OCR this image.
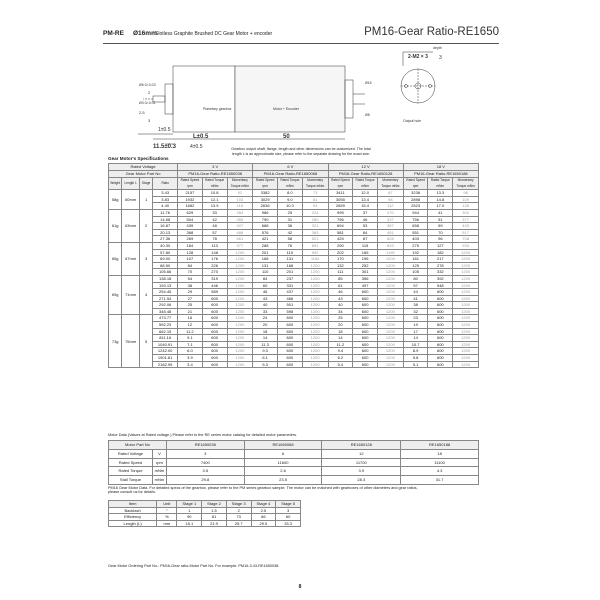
PM-RE Ø16mm
Slotless Graphite Brushed DC Gear Motor + encoder	PM16-Gear Ratio-RE1650
depth
2-M2 × 3 3
Planetary gearbox	Motor + Encoder
Output hole
11.5±0.3
L±0.5
4±0.5
50
1±0.5
Ø6 0/-0.03
Ø3 0/-0.01
2.5
3
2
Ø16
Ø8
Gearbox output shaft, flange, length and other dimensions can be customized. The total
length L is an approximate size, please refer to the separate drawing for the exact size.
Gear Motor's Specifications
Rated Voltage				3 V			6 V			12 V			18 V		
Gear Motor Part No				PM16-Gear Ratio-RE1650038			PM16-Gear Ratio-RE1650068			PM16-Gear Ratio-RE1650128			PM16-Gear Ratio-RE1650188		
Weight	Length L	Stage	Ratio	Rated Speed rpm	Rated Torque mNm	Momentary Torque mNm	Rated Speed rpm	Rated Torque mNm	Momentary Torque mNm	Rated Speed rpm	Rated Torque mNm	Momentary Torque mNm	Rated Speed rpm	Rated Torque mNm	Momentary Torque mNm
58g	60mm	1	3.43	2157	10.8	92	3382	8.0	73	3411	12.0	87	3236	13.3	98
			3.83	1932	12.1	103	3029	9.0	81	3055	13.4	98	2898	14.8	109
			4.40	1682	13.9	118	2636	10.3	93	2659	15.4	112	2523	17.0	126
61g	63mm	2	11.76	629	33	284	986	25	224	995	37	270	944	41	302
			14.68	504	42	355	790	31	280	796	46	337	756	51	377
			16.87	439	48	407	688	36	321	694	53	387	658	59	433
			20.13	368	57	486	576	42	383	581	64	461	551	70	517
			27.36	269	78	661	421	58	521	425	87	628	403	96	708
65g	67mm	3	40.30	184	113	977	288	76	691	290	115	833	275	127	933
			57.80	128	148	1200	201	110	992	202	165	1195	192	182	1200
			69.00	107	176	1200	168	131	1184	170	196	1200	161	217	1200
			88.50	84	226	1200	131	168	1200	132	252	1200	125	278	1200
			105.66	70	270	1200	110	201	1200	111	301	1200	105	332	1200
69g	71mm	4	138.18	54	319	1200	84	237	1200	85	356	1200	80	392	1200
			193.13	38	446	1200	60	331	1200	61	497	1200	57	548	1200
			254.45	29	589	1200	46	437	1200	46	600	1200	44	600	1200
			271.54	27	600	1200	43	466	1200	43	600	1200	41	600	1200
			292.06	25	600	1200	40	501	1200	40	600	1200	38	600	1200
			348.48	21	600	1200	33	598	1200	34	600	1200	32	600	1200
73g	75mm	5	473.77	16	600	1200	24	600	1200	25	600	1200	23	600	1200
			592.23	12	600	1200	20	600	1200	20	600	1200	19	600	1200
			662.15	11.2	600	1200	18	600	1200	18	600	1200	17	600	1200
			811.16	9.1	600	1200	14	600	1200	14	600	1200	14	600	1200
			1040.91	7.1	600	1200	11.3	600	1200	11.2	600	1200	10.7	600	1200
			1242.00	6.0	600	1200	9.3	600	1200	9.4	600	1200	8.9	600	1200
			1901.81	3.9	600	1200	6.1	600	1200	6.2	600	1200	5.8	600	1200
			2182.95	3.4	600	1200	5.3	600	1200	5.4	600	1200	5.1	600	1200
Motor Data (Values at Rated voltage.) Please refer to the RE series motor catalog for detailed motor parameters.
Motor Part No		RE1650038	RE1650068	RE1650128	RE1650188
Rated Voltage	V	3	6	12	18
Rated Speed	rpm	7400	11600	11700	11100
Rated Torque	mNm	3.5	2.6	3.9	4.3
Stall Torque	mNm	29.8	23.5	28.3	31.7
PM16 Gear Motor Data. For detailed specs of the gearbox, please refer to the PM series gearbox sample. The motor can be matched with gearboxes of other diameters and gear ratios,
please consult us for details.
Item	Unit	Stage 1	Stage 2	Stage 3	Stage 4	Stage 5
Backlash	°	1	1.5	2	2.5	3
Efficiency	%	90	81	73	66	60
Length (L)	mm	18.1	21.9	25.7	29.5	33.3
Gear Motor Ordering Part No.: PM16-Gear ratio-Motor Part No. For example: PM16-3.43-RE1650038.
8
